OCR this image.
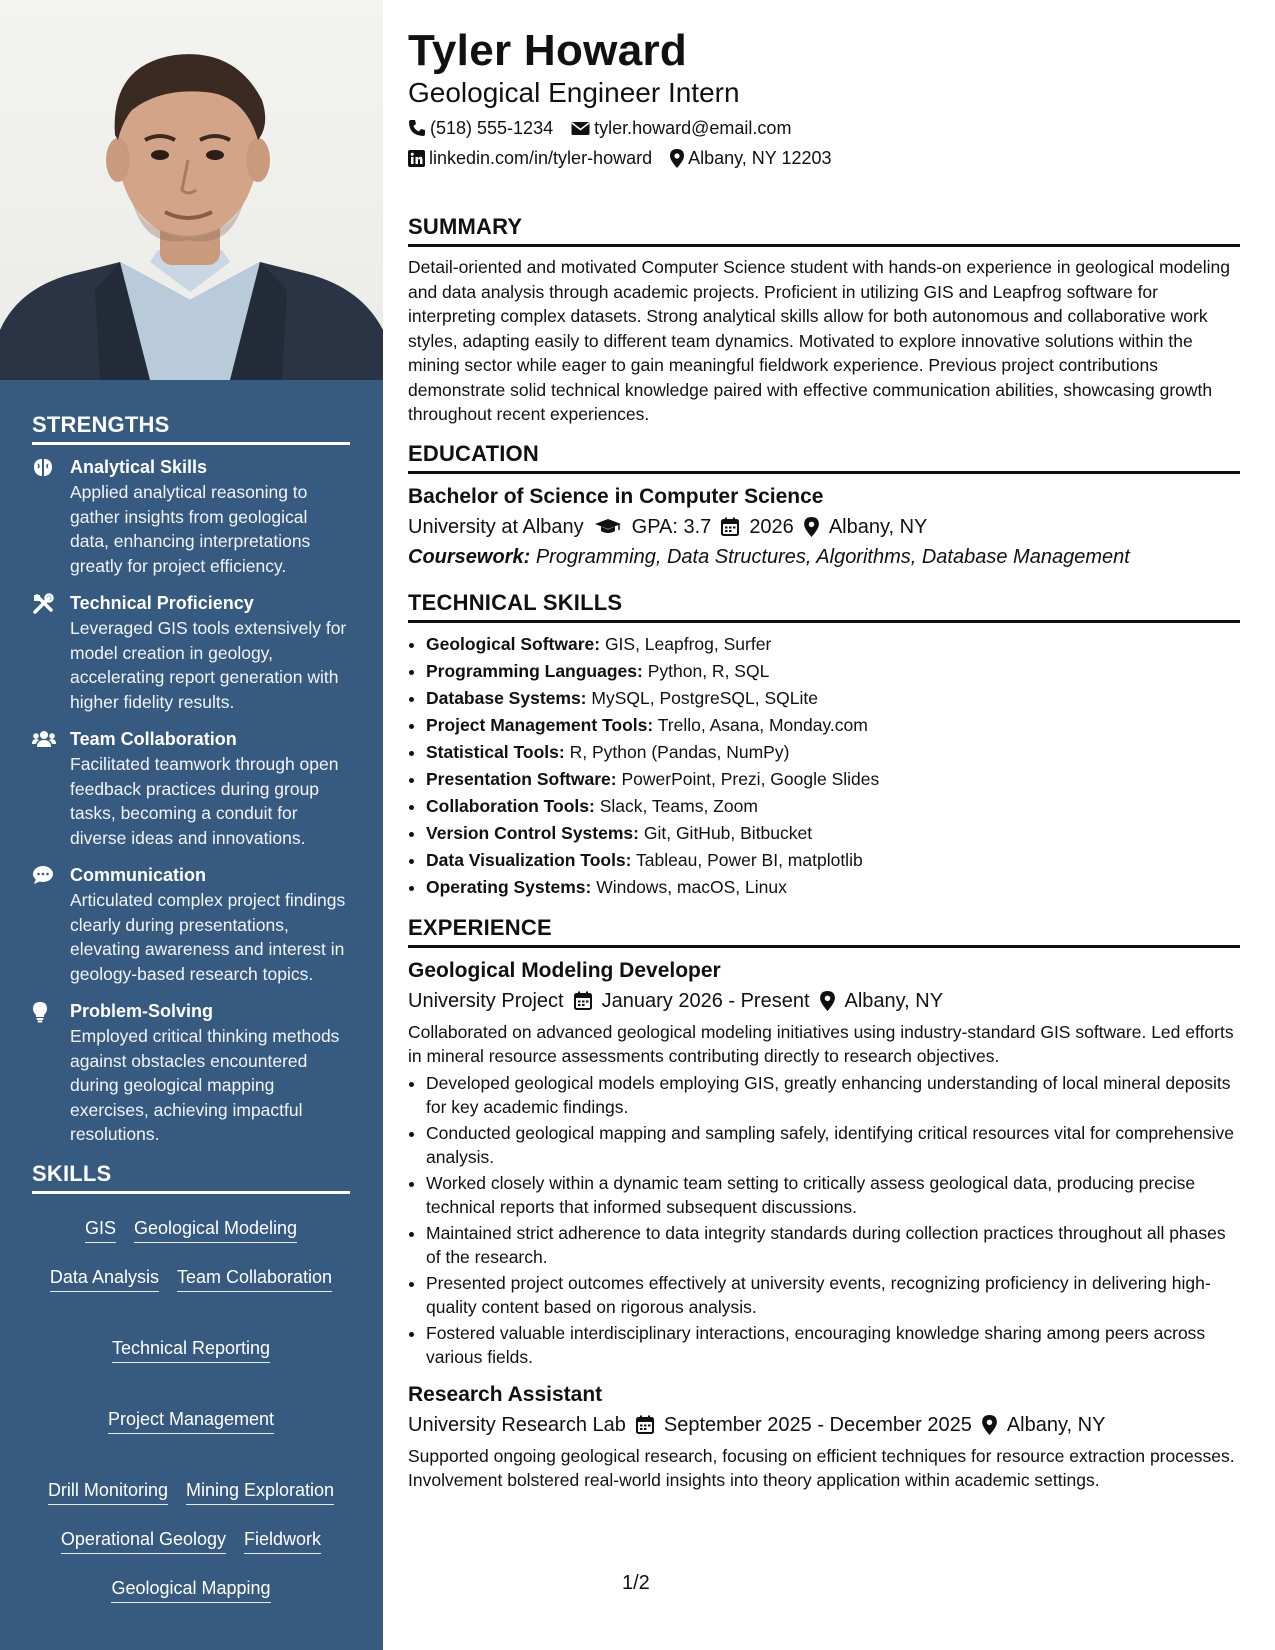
STRENGTHS
Analytical Skills
Applied analytical reasoning to gather insights from geological data, enhancing interpretations greatly for project efficiency.
Technical Proficiency
Leveraged GIS tools extensively for model creation in geology, accelerating report generation with higher fidelity results.
Team Collaboration
Facilitated teamwork through open feedback practices during group tasks, becoming a conduit for diverse ideas and innovations.
Communication
Articulated complex project findings clearly during presentations, elevating awareness and interest in geology-based research topics.
Problem-Solving
Employed critical thinking methods against obstacles encountered during geological mapping exercises, achieving impactful resolutions.
SKILLS
GIS Geological Modeling
Data Analysis Team Collaboration
Technical Reporting
Project Management
Drill Monitoring Mining Exploration
Operational Geology Fieldwork
Geological Mapping
Tyler Howard
Geological Engineer Intern
(518) 555-1234 tyler.howard@email.com
linkedin.com/in/tyler-howard Albany, NY 12203
SUMMARY
Detail-oriented and motivated Computer Science student with hands-on experience in geological modeling and data analysis through academic projects. Proficient in utilizing GIS and Leapfrog software for interpreting complex datasets. Strong analytical skills allow for both autonomous and collaborative work styles, adapting easily to different team dynamics. Motivated to explore innovative solutions within the mining sector while eager to gain meaningful fieldwork experience. Previous project contributions demonstrate solid technical knowledge paired with effective communication abilities, showcasing growth throughout recent experiences.
EDUCATION
Bachelor of Science in Computer Science
University at Albany GPA: 3.7 2026 Albany, NY
Coursework: Programming, Data Structures, Algorithms, Database Management
TECHNICAL SKILLS
• Geological Software: GIS, Leapfrog, Surfer
• Programming Languages: Python, R, SQL
• Database Systems: MySQL, PostgreSQL, SQLite
• Project Management Tools: Trello, Asana, Monday.com
• Statistical Tools: R, Python (Pandas, NumPy)
• Presentation Software: PowerPoint, Prezi, Google Slides
• Collaboration Tools: Slack, Teams, Zoom
• Version Control Systems: Git, GitHub, Bitbucket
• Data Visualization Tools: Tableau, Power BI, matplotlib
• Operating Systems: Windows, macOS, Linux
EXPERIENCE
Geological Modeling Developer
University Project January 2026 - Present Albany, NY
Collaborated on advanced geological modeling initiatives using industry-standard GIS software. Led efforts in mineral resource assessments contributing directly to research objectives.
• Developed geological models employing GIS, greatly enhancing understanding of local mineral deposits for key academic findings.
• Conducted geological mapping and sampling safely, identifying critical resources vital for comprehensive analysis.
• Worked closely within a dynamic team setting to critically assess geological data, producing precise technical reports that informed subsequent discussions.
• Maintained strict adherence to data integrity standards during collection practices throughout all phases of the research.
• Presented project outcomes effectively at university events, recognizing proficiency in delivering high-quality content based on rigorous analysis.
• Fostered valuable interdisciplinary interactions, encouraging knowledge sharing among peers across various fields.
Research Assistant
University Research Lab September 2025 - December 2025 Albany, NY
Supported ongoing geological research, focusing on efficient techniques for resource extraction processes. Involvement bolstered real-world insights into theory application within academic settings.
1/2
